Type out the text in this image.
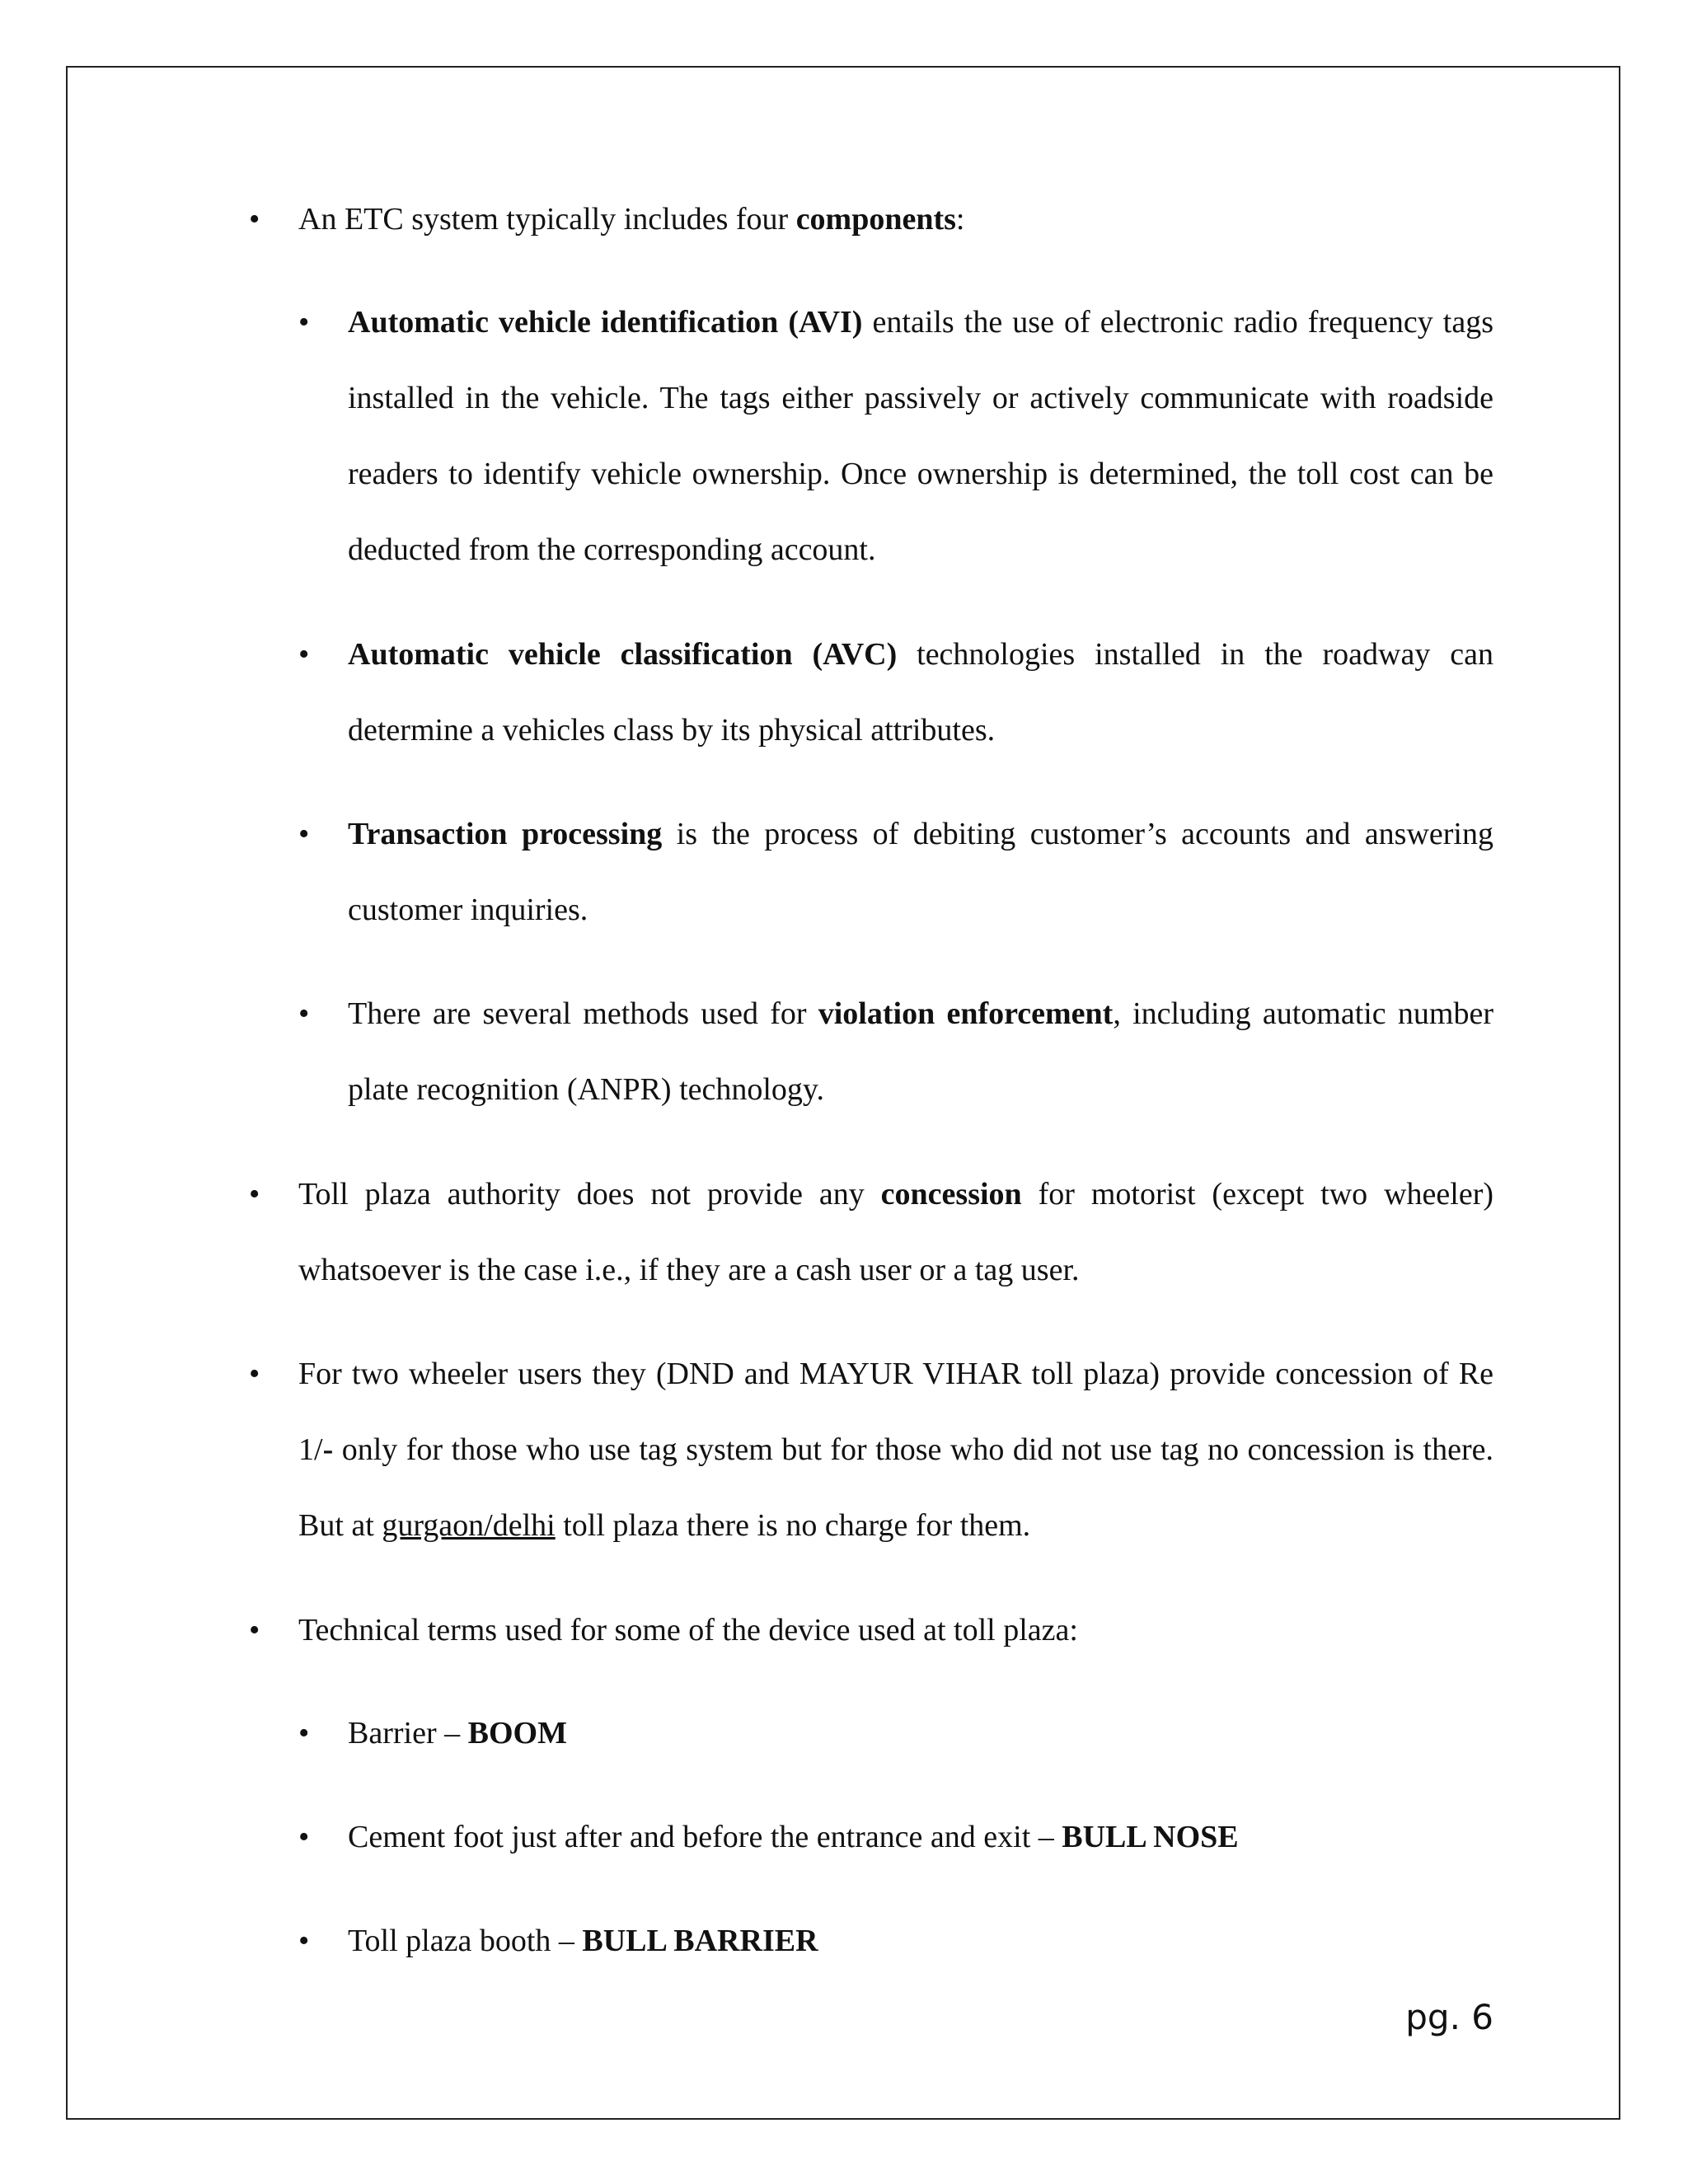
• An ETC system typically includes four components:

• Automatic vehicle identification (AVI) entails the use of electronic radio frequency tags installed in the vehicle. The tags either passively or actively communicate with roadside readers to identify vehicle ownership. Once ownership is determined, the toll cost can be deducted from the corresponding account.

• Automatic vehicle classification (AVC) technologies installed in the roadway can determine a vehicles class by its physical attributes.

• Transaction processing is the process of debiting customer’s accounts and answering customer inquiries.

• There are several methods used for violation enforcement, including automatic number plate recognition (ANPR) technology.

• Toll plaza authority does not provide any concession for motorist (except two wheeler) whatsoever is the case i.e., if they are a cash user or a tag user.

• For two wheeler users they (DND and MAYUR VIHAR toll plaza) provide concession of Re 1/- only for those who use tag system but for those who did not use tag no concession is there. But at gurgaon/delhi toll plaza there is no charge for them.

• Technical terms used for some of the device used at toll plaza:

• Barrier – BOOM

• Cement foot just after and before the entrance and exit – BULL NOSE

• Toll plaza booth – BULL BARRIER

pg. 6
